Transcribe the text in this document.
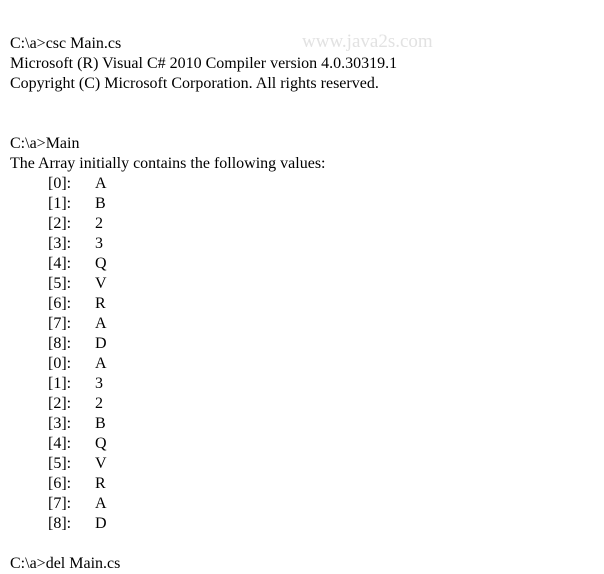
www.java2s.com
C:\a>csc Main.cs
Microsoft (R) Visual C# 2010 Compiler version 4.0.30319.1
Copyright (C) Microsoft Corporation. All rights reserved.
C:\a>Main
The Array initially contains the following values:
[0]: A
[1]: B
[2]: 2
[3]: 3
[4]: Q
[5]: V
[6]: R
[7]: A
[8]: D
[0]: A
[1]: 3
[2]: 2
[3]: B
[4]: Q
[5]: V
[6]: R
[7]: A
[8]: D
C:\a>del Main.cs
